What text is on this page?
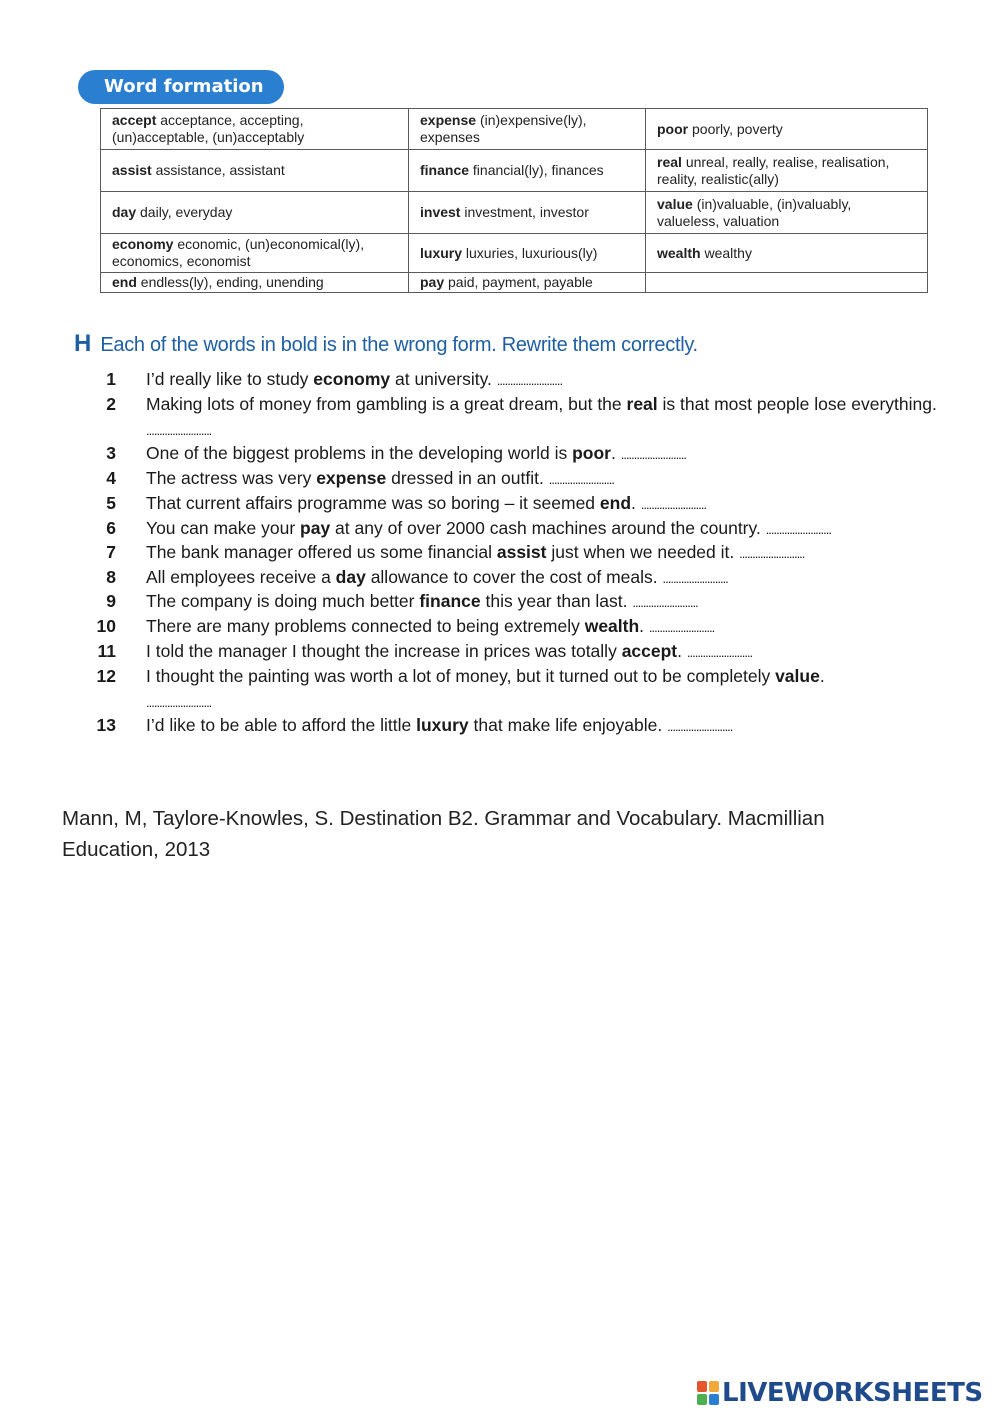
Word formation
accept acceptance, accepting, (un)acceptable, (un)acceptably	expense (in)expensive(ly), expenses	poor poorly, poverty
assist assistance, assistant	finance financial(ly), finances	real unreal, really, realise, realisation, reality, realistic(ally)
day daily, everyday	invest investment, investor	value (in)valuable, (in)valuably, valueless, valuation
economy economic, (un)economical(ly), economics, economist	luxury luxuries, luxurious(ly)	wealth wealthy
end endless(ly), ending, unending	pay paid, payment, payable	
H Each of the words in bold is in the wrong form. Rewrite them correctly.
1 I’d really like to study economy at university. .........................
2 Making lots of money from gambling is a great dream, but the real is that most people lose everything. .........................
3 One of the biggest problems in the developing world is poor. .........................
4 The actress was very expense dressed in an outfit. .........................
5 That current affairs programme was so boring – it seemed end. .........................
6 You can make your pay at any of over 2000 cash machines around the country. .........................
7 The bank manager offered us some financial assist just when we needed it. .........................
8 All employees receive a day allowance to cover the cost of meals. .........................
9 The company is doing much better finance this year than last. .........................
10 There are many problems connected to being extremely wealth. .........................
11 I told the manager I thought the increase in prices was totally accept. .........................
12 I thought the painting was worth a lot of money, but it turned out to be completely value.
.........................
13 I’d like to be able to afford the little luxury that make life enjoyable. .........................
Mann, M, Taylore-Knowles, S. Destination B2. Grammar and Vocabulary. Macmillian Education, 2013
LIVEWORKSHEETS
